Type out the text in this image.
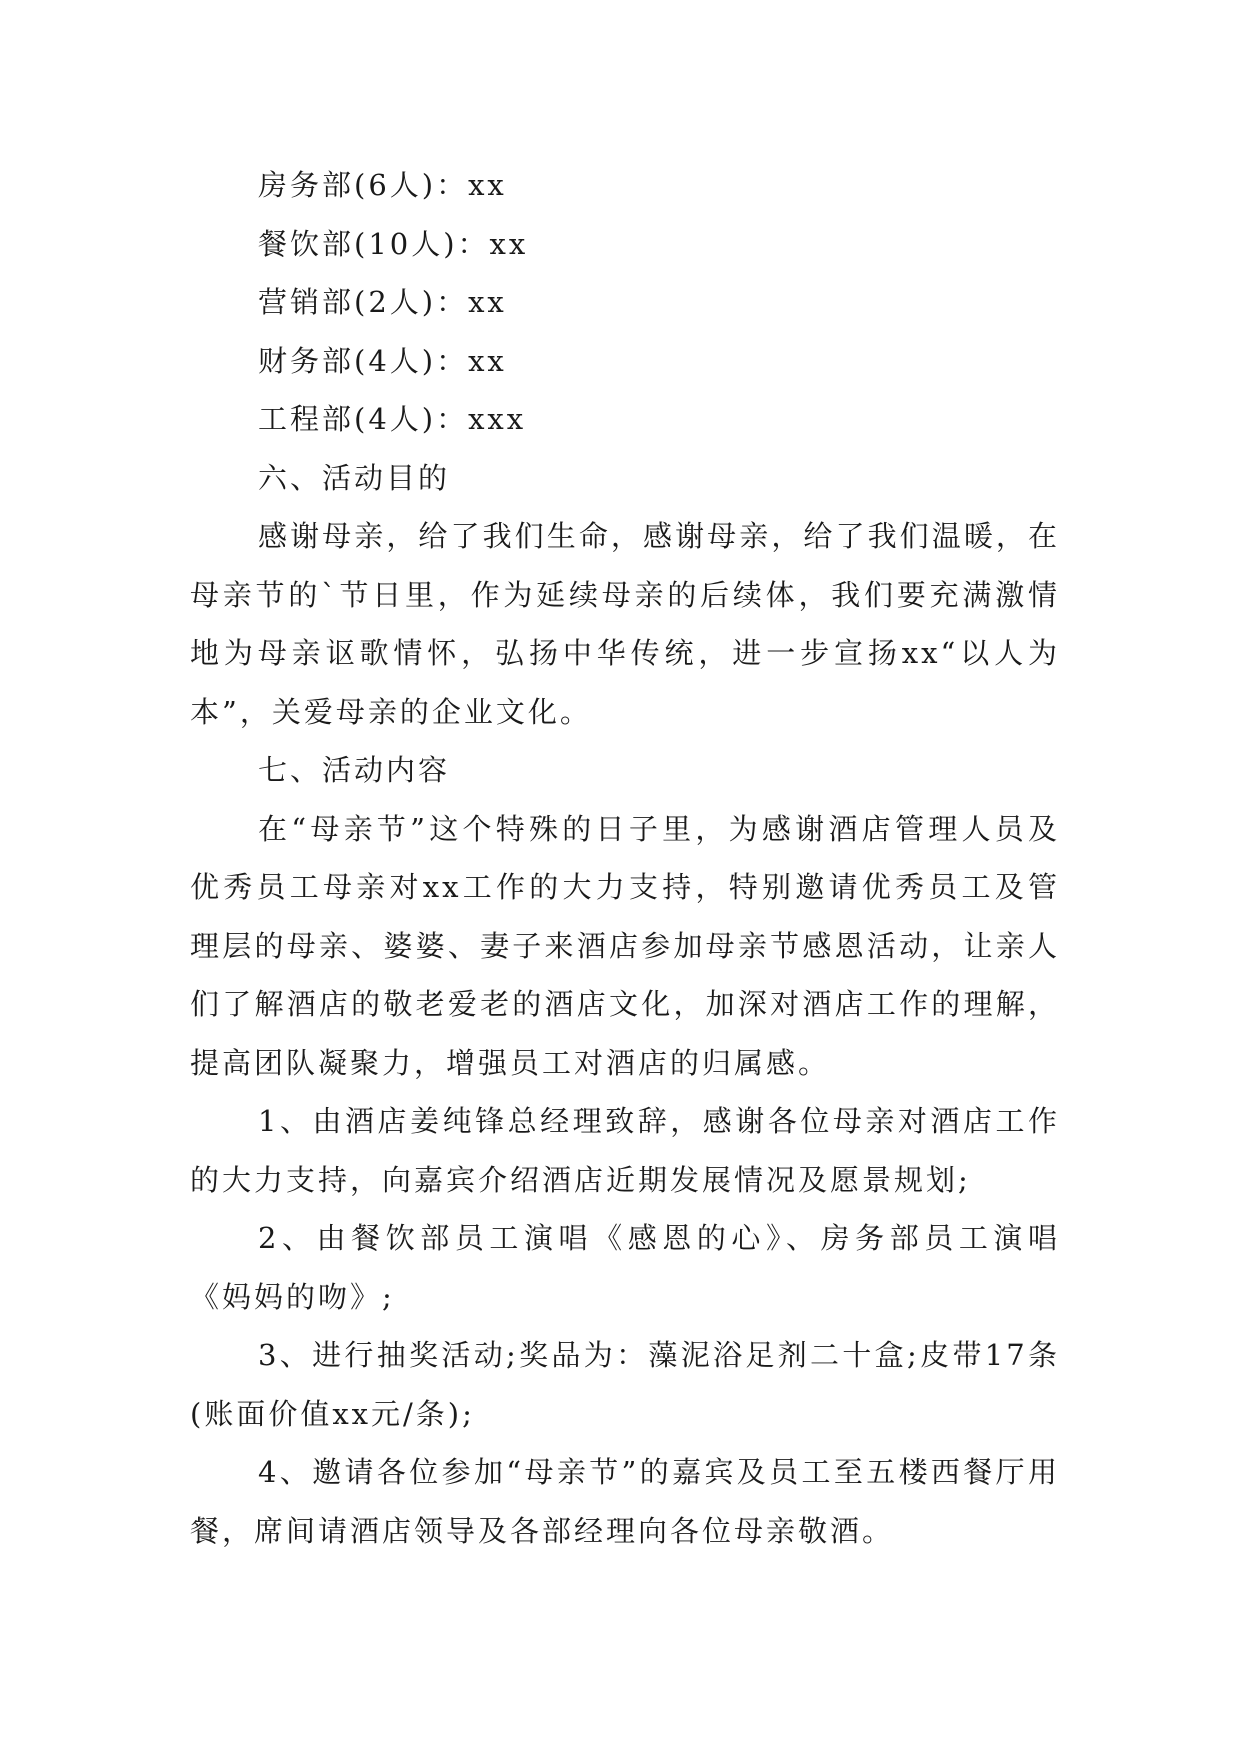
房务部(6人)：xx

餐饮部(10人)：xx

营销部(2人)：xx

财务部(4人)：xx

工程部(4人)：xxx

六、活动目的

感谢母亲，给了我们生命，感谢母亲，给了我们温暖，在母亲节的`节日里，作为延续母亲的后续体，我们要充满激情地为母亲讴歌情怀，弘扬中华传统，进一步宣扬xx“以人为本”，关爱母亲的企业文化。

七、活动内容

在“母亲节”这个特殊的日子里，为感谢酒店管理人员及优秀员工母亲对xx工作的大力支持，特别邀请优秀员工及管理层的母亲、婆婆、妻子来酒店参加母亲节感恩活动，让亲人们了解酒店的敬老爱老的酒店文化，加深对酒店工作的理解，提高团队凝聚力，增强员工对酒店的归属感。

1、由酒店姜纯锋总经理致辞，感谢各位母亲对酒店工作的大力支持，向嘉宾介绍酒店近期发展情况及愿景规划;

2、由餐饮部员工演唱《感恩的心》、房务部员工演唱《妈妈的吻》;

3、进行抽奖活动;奖品为：藻泥浴足剂二十盒;皮带17条(账面价值xx元/条);

4、邀请各位参加“母亲节”的嘉宾及员工至五楼西餐厅用餐，席间请酒店领导及各部经理向各位母亲敬酒。
